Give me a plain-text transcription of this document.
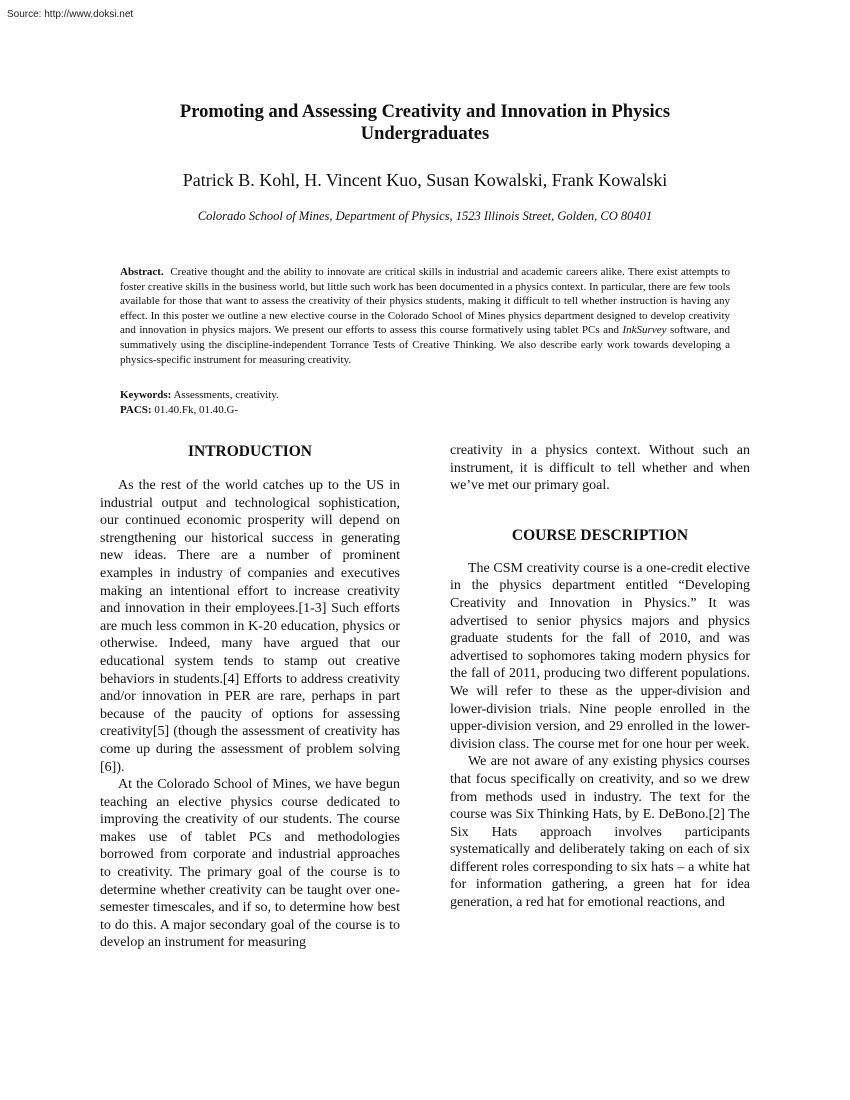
Source: http://www.doksi.net
Promoting and Assessing Creativity and Innovation in Physics Undergraduates
Patrick B. Kohl, H. Vincent Kuo, Susan Kowalski, Frank Kowalski
Colorado School of Mines, Department of Physics, 1523 Illinois Street, Golden, CO 80401
Abstract. Creative thought and the ability to innovate are critical skills in industrial and academic careers alike. There exist attempts to foster creative skills in the business world, but little such work has been documented in a physics context. In particular, there are few tools available for those that want to assess the creativity of their physics students, making it difficult to tell whether instruction is having any effect. In this poster we outline a new elective course in the Colorado School of Mines physics department designed to develop creativity and innovation in physics majors. We present our efforts to assess this course formatively using tablet PCs and InkSurvey software, and summatively using the discipline-independent Torrance Tests of Creative Thinking. We also describe early work towards developing a physics-specific instrument for measuring creativity.
Keywords: Assessments, creativity.
PACS: 01.40.Fk, 01.40.G-
INTRODUCTION

As the rest of the world catches up to the US in industrial output and technological sophistication, our continued economic prosperity will depend on strengthening our historical success in generating new ideas. There are a number of prominent examples in industry of companies and executives making an intentional effort to increase creativity and innovation in their employees.[1-3] Such efforts are much less common in K-20 education, physics or otherwise. Indeed, many have argued that our educational system tends to stamp out creative behaviors in students.[4] Efforts to address creativity and/or innovation in PER are rare, perhaps in part because of the paucity of options for assessing creativity[5] (though the assessment of creativity has come up during the assessment of problem solving [6]).

At the Colorado School of Mines, we have begun teaching an elective physics course dedicated to improving the creativity of our students. The course makes use of tablet PCs and methodologies borrowed from corporate and industrial approaches to creativity. The primary goal of the course is to determine whether creativity can be taught over one-semester timescales, and if so, to determine how best to do this. A major secondary goal of the course is to develop an instrument for measuring

creativity in a physics context. Without such an instrument, it is difficult to tell whether and when we’ve met our primary goal.

COURSE DESCRIPTION

The CSM creativity course is a one-credit elective in the physics department entitled “Developing Creativity and Innovation in Physics.” It was advertised to senior physics majors and physics graduate students for the fall of 2010, and was advertised to sophomores taking modern physics for the fall of 2011, producing two different populations. We will refer to these as the upper-division and lower-division trials. Nine people enrolled in the upper-division version, and 29 enrolled in the lower-division class. The course met for one hour per week.

We are not aware of any existing physics courses that focus specifically on creativity, and so we drew from methods used in industry. The text for the course was Six Thinking Hats, by E. DeBono.[2] The Six Hats approach involves participants systematically and deliberately taking on each of six different roles corresponding to six hats – a white hat for information gathering, a green hat for idea generation, a red hat for emotional reactions, and
